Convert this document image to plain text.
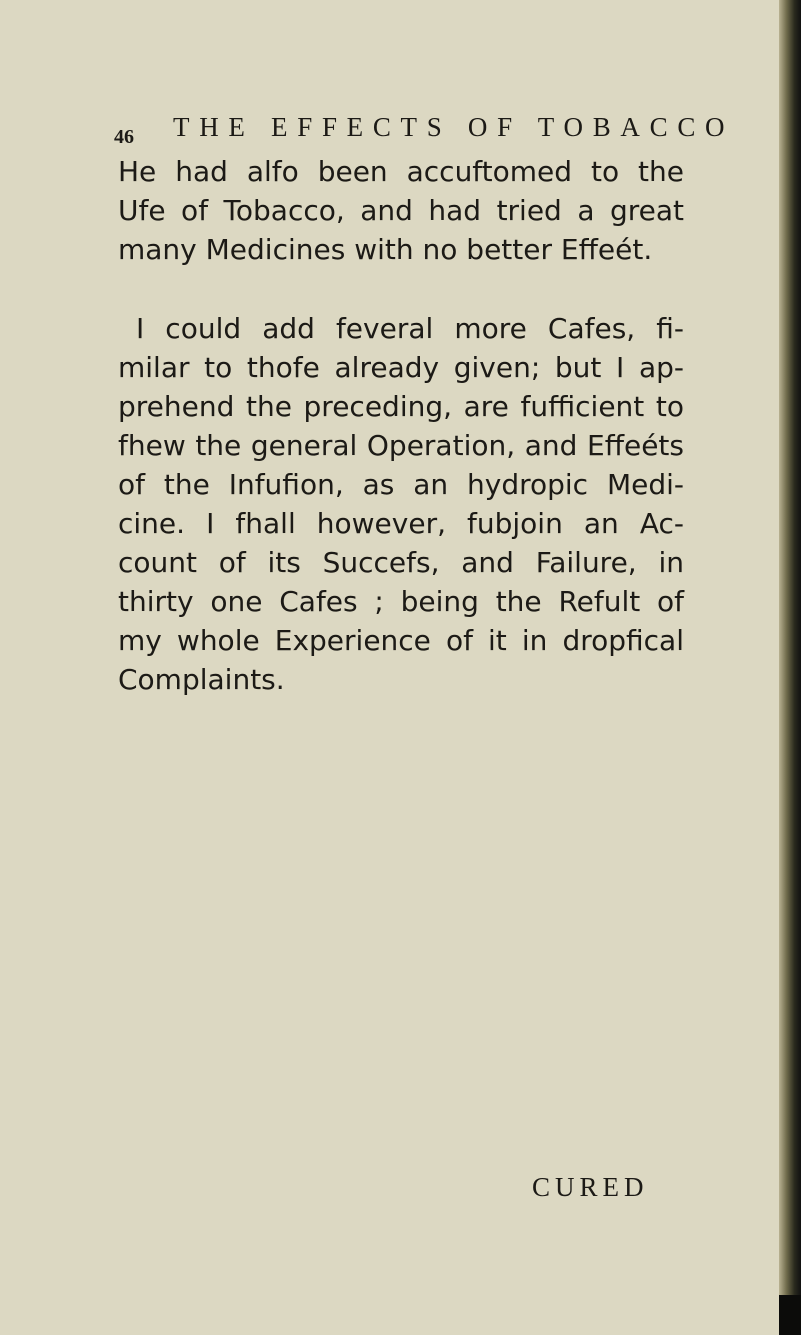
46 THE EFFECTS OF TOBACCO
He had alfo been accuftomed to the
Ufe of Tobacco, and had tried a great
many Medicines with no better Effeét.
I could add feveral more Cafes, fi-
milar to thofe already given; but I ap-
prehend the preceding, are fufficient to
fhew the general Operation, and Effeéts
of the Infufion, as an hydropic Medi-
cine. I fhall however, fubjoin an Ac-
count of its Succefs, and Failure, in
thirty one Cafes ; being the Refult of
my whole Experience of it in dropfical
Complaints.
CURED
